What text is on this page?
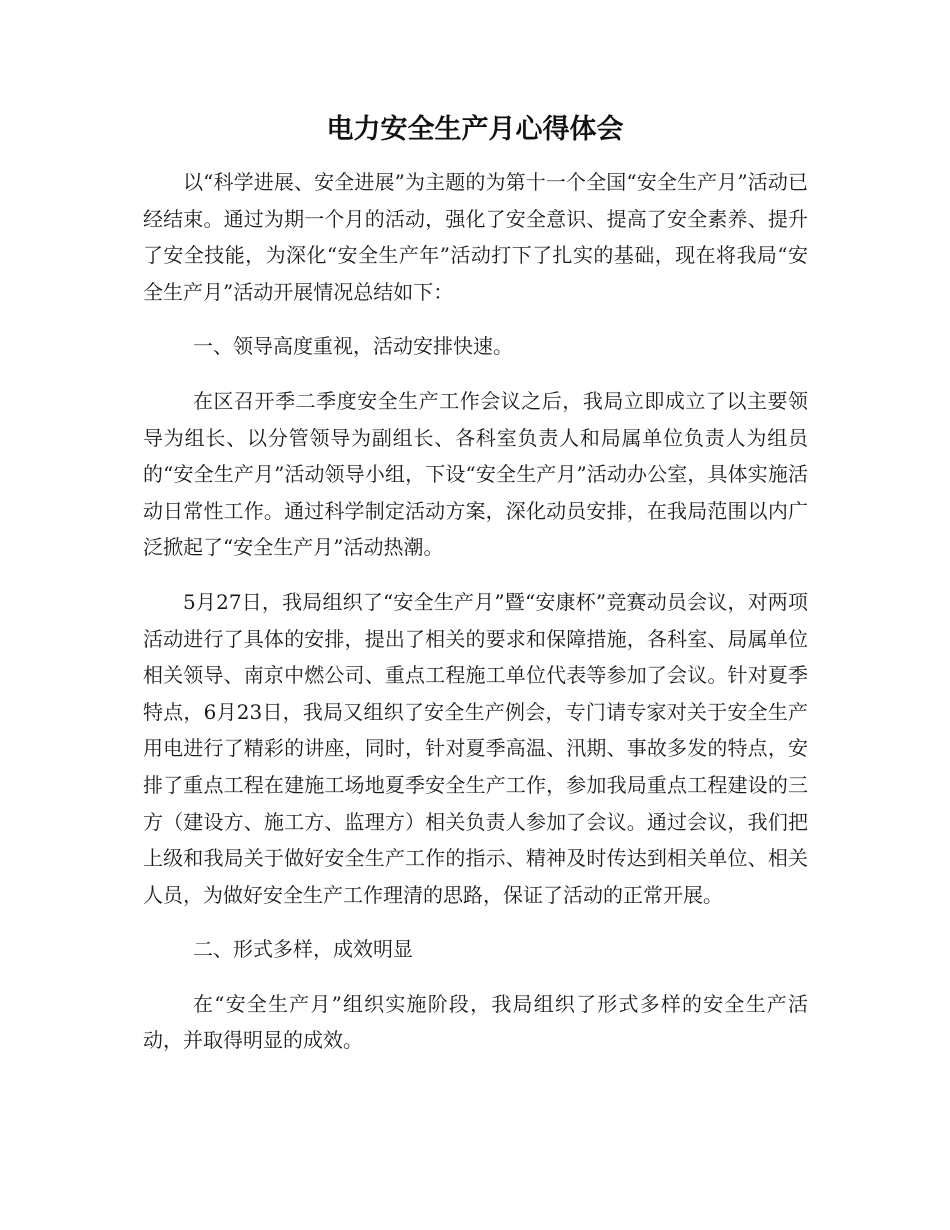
电力安全生产月心得体会

以“科学进展、安全进展”为主题的为第十一个全国“安全生产月”活动已经结束。通过为期一个月的活动，强化了安全意识、提高了安全素养、提升了安全技能，为深化“安全生产年”活动打下了扎实的基础，现在将我局“安全生产月”活动开展情况总结如下：

一、领导高度重视，活动安排快速。

在区召开季二季度安全生产工作会议之后，我局立即成立了以主要领导为组长、以分管领导为副组长、各科室负责人和局属单位负责人为组员的“安全生产月”活动领导小组，下设“安全生产月”活动办公室，具体实施活动日常性工作。通过科学制定活动方案，深化动员安排，在我局范围以内广泛掀起了“安全生产月”活动热潮。

5月27日，我局组织了“安全生产月”暨“安康杯”竞赛动员会议，对两项活动进行了具体的安排，提出了相关的要求和保障措施，各科室、局属单位相关领导、南京中燃公司、重点工程施工单位代表等参加了会议。针对夏季特点，6月23日，我局又组织了安全生产例会，专门请专家对关于安全生产用电进行了精彩的讲座，同时，针对夏季高温、汛期、事故多发的特点，安排了重点工程在建施工场地夏季安全生产工作，参加我局重点工程建设的三方（建设方、施工方、监理方）相关负责人参加了会议。通过会议，我们把上级和我局关于做好安全生产工作的指示、精神及时传达到相关单位、相关人员，为做好安全生产工作理清的思路，保证了活动的正常开展。

二、形式多样，成效明显

在“安全生产月”组织实施阶段，我局组织了形式多样的安全生产活动，并取得明显的成效。
